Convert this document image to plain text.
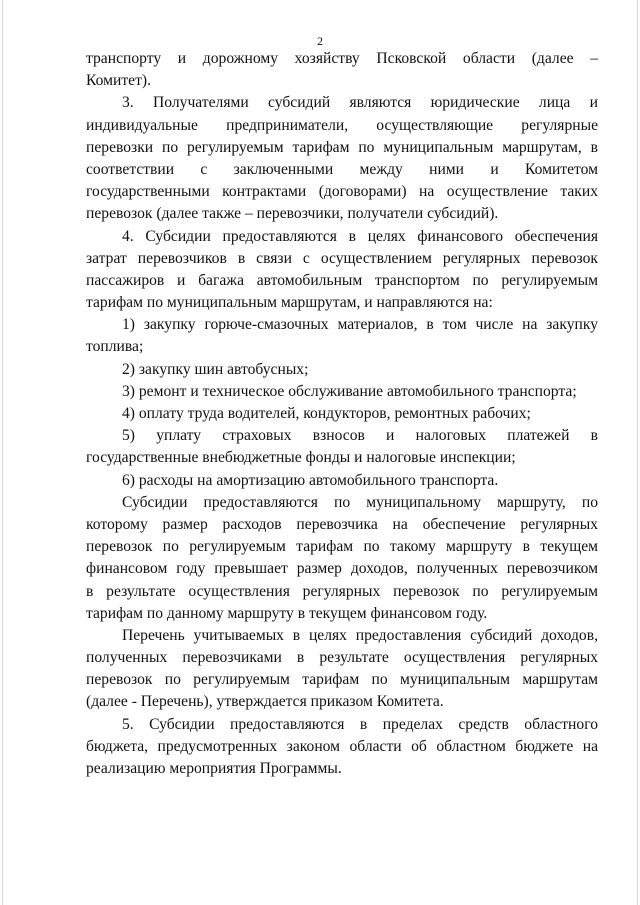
2
транспорту и дорожному хозяйству Псковской области (далее –
Комитет).
3. Получателями субсидий являются юридические лица и
индивидуальные предприниматели, осуществляющие регулярные
перевозки по регулируемым тарифам по муниципальным маршрутам, в
соответствии с заключенными между ними и Комитетом
государственными контрактами (договорами) на осуществление таких
перевозок (далее также – перевозчики, получатели субсидий).
4. Субсидии предоставляются в целях финансового обеспечения
затрат перевозчиков в связи с осуществлением регулярных перевозок
пассажиров и багажа автомобильным транспортом по регулируемым
тарифам по муниципальным маршрутам, и направляются на:
1) закупку горюче-смазочных материалов, в том числе на закупку
топлива;
2) закупку шин автобусных;
3) ремонт и техническое обслуживание автомобильного транспорта;
4) оплату труда водителей, кондукторов, ремонтных рабочих;
5) уплату страховых взносов и налоговых платежей в
государственные внебюджетные фонды и налоговые инспекции;
6) расходы на амортизацию автомобильного транспорта.
Субсидии предоставляются по муниципальному маршруту, по
которому размер расходов перевозчика на обеспечение регулярных
перевозок по регулируемым тарифам по такому маршруту в текущем
финансовом году превышает размер доходов, полученных перевозчиком
в результате осуществления регулярных перевозок по регулируемым
тарифам по данному маршруту в текущем финансовом году.
Перечень учитываемых в целях предоставления субсидий доходов,
полученных перевозчиками в результате осуществления регулярных
перевозок по регулируемым тарифам по муниципальным маршрутам
(далее - Перечень), утверждается приказом Комитета.
5. Субсидии предоставляются в пределах средств областного
бюджета, предусмотренных законом области об областном бюджете на
реализацию мероприятия Программы.
